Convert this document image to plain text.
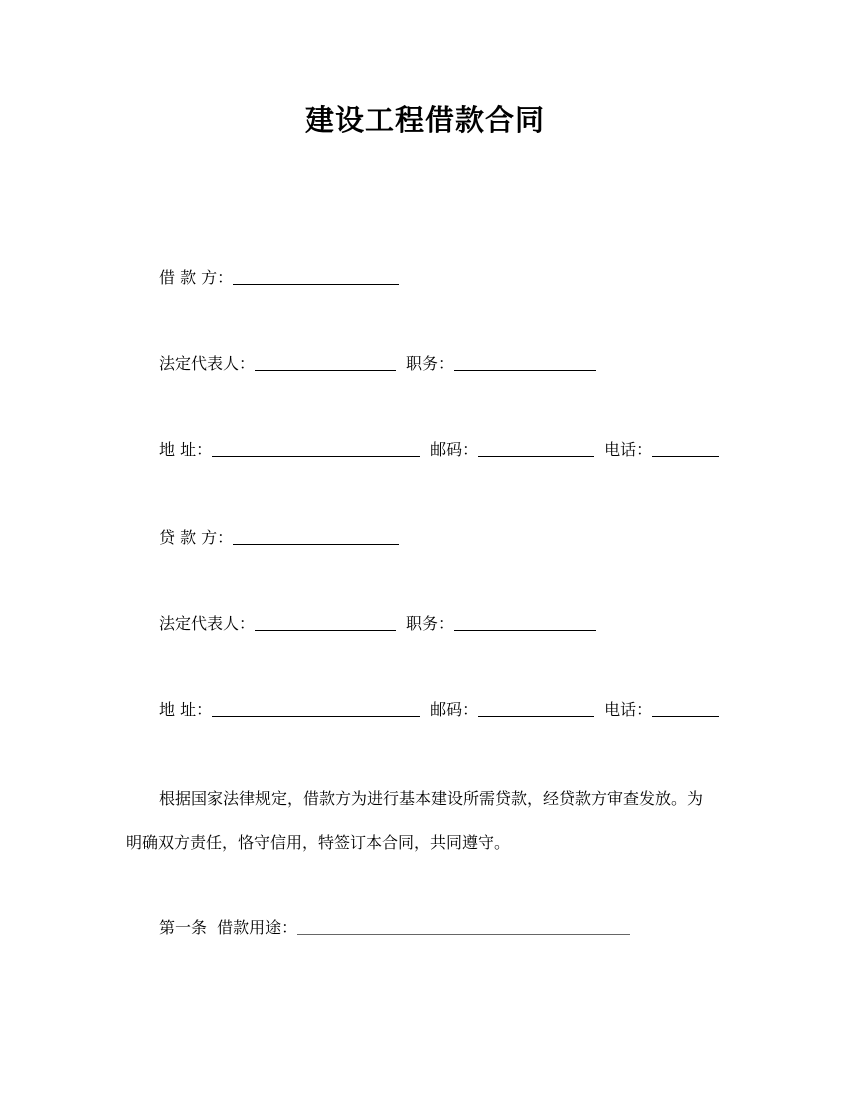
建设工程借款合同
借 款 方：
法定代表人：	职务：
地 址：	邮码：	电话：
贷 款 方：
法定代表人：	职务：
地 址：	邮码：	电话：
根据国家法律规定，借款方为进行基本建设所需贷款，经贷款方审查发放。为
明确双方责任，恪守信用，特签订本合同，共同遵守。
第一条  借款用途：
